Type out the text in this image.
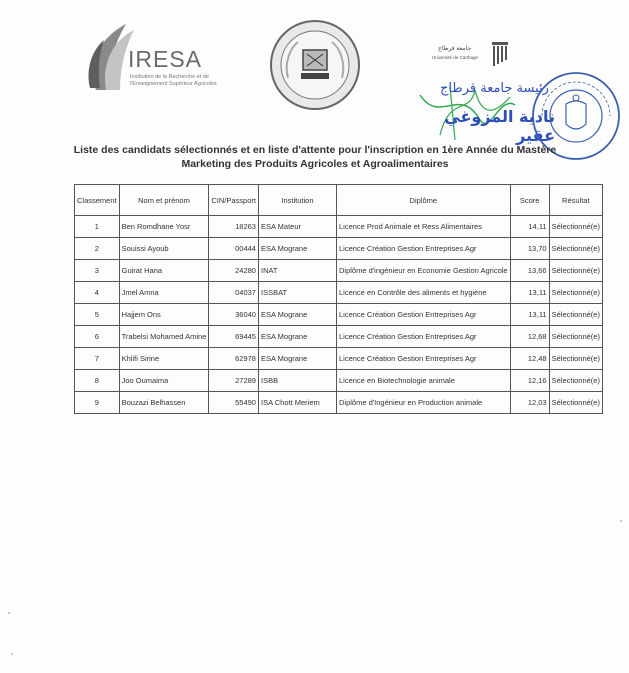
IRESA
Institution de la Recherche et de
l'Enseignement Supérieur Agricoles
جامعة قرطاج
Université de Carthage
رئيسة جامعة قرطاج
نادية المزوغي عقير
Liste des candidats sélectionnés et en liste d'attente pour l'inscription en 1ère Année du Mastère
Marketing des Produits Agricoles et Agroalimentaires
Classement	Nom et prénom	CIN/Passport	Institution	Diplôme	Score	Résultat
1	Ben Romdhane Yosr	18263	ESA Mateur	Licence Prod Animale et Ress Alimentaires	14,11	Sélectionné(e)
2	Souissi Ayoub	00444	ESA Mograne	Licence Création Gestion Entreprises Agr	13,70	Sélectionné(e)
3	Guirat Hana	24280	INAT	Diplôme d'ingénieur en Economie Gestion Agricole	13,66	Sélectionné(e)
4	Jmel Amna	04037	ISSBAT	Licence en Contrôle des aliments et hygiène	13,11	Sélectionné(e)
5	Hajjem Ons	36040	ESA Mograne	Licence Création Gestion Entreprises Agr	13,11	Sélectionné(e)
6	Trabelsi Mohamed Amine	69445	ESA Mograne	Licence Création Gestion Entreprises Agr	12,68	Sélectionné(e)
7	Khlifi Sirine	62978	ESA Mograne	Licence Création Gestion Entreprises Agr	12,48	Sélectionné(e)
8	Joo Oumaima	27289	ISBB	Licence en Biotechnologie animale	12,16	Sélectionné(e)
9	Bouzazi Belhassen	55490	ISA Chott Meriem	Diplôme d'Ingénieur en Production animale	12,03	Sélectionné(e)
